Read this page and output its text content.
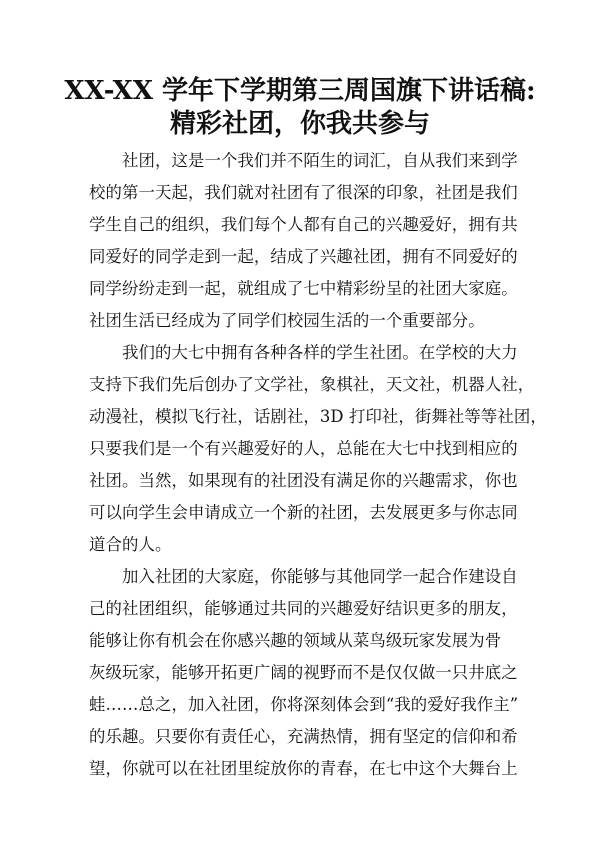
XX-XX 学年下学期第三周国旗下讲话稿:
精彩社团，你我共参与
社团，这是一个我们并不陌生的词汇，自从我们来到学
校的第一天起，我们就对社团有了很深的印象，社团是我们
学生自己的组织，我们每个人都有自己的兴趣爱好，拥有共
同爱好的同学走到一起，结成了兴趣社团，拥有不同爱好的
同学纷纷走到一起，就组成了七中精彩纷呈的社团大家庭。
社团生活已经成为了同学们校园生活的一个重要部分。
我们的大七中拥有各种各样的学生社团。在学校的大力
支持下我们先后创办了文学社，象棋社，天文社，机器人社，
动漫社，模拟飞行社，话剧社，3D 打印社，街舞社等等社团，
只要我们是一个有兴趣爱好的人，总能在大七中找到相应的
社团。当然，如果现有的社团没有满足你的兴趣需求，你也
可以向学生会申请成立一个新的社团，去发展更多与你志同
道合的人。
加入社团的大家庭，你能够与其他同学一起合作建设自
己的社团组织，能够通过共同的兴趣爱好结识更多的朋友，
能够让你有机会在你感兴趣的领域从菜鸟级玩家发展为骨
灰级玩家，能够开拓更广阔的视野而不是仅仅做一只井底之
蛙……总之，加入社团，你将深刻体会到“我的爱好我作主”
的乐趣。只要你有责任心，充满热情，拥有坚定的信仰和希
望，你就可以在社团里绽放你的青春，在七中这个大舞台上
